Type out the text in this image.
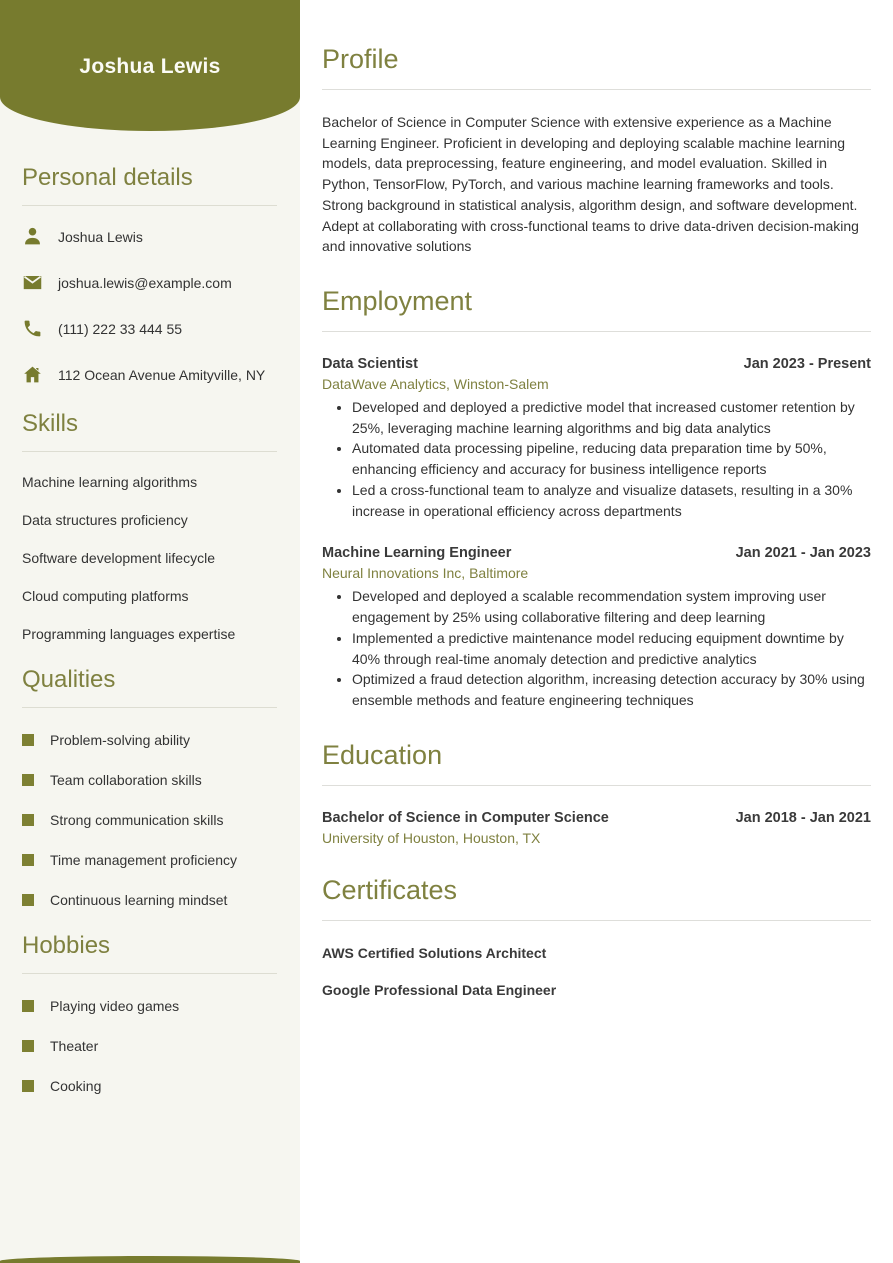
Joshua Lewis
Personal details
Joshua Lewis
joshua.lewis@example.com
(111) 222 33 444 55
112 Ocean Avenue Amityville, NY
Skills
Machine learning algorithms
Data structures proficiency
Software development lifecycle
Cloud computing platforms
Programming languages expertise
Qualities
Problem-solving ability
Team collaboration skills
Strong communication skills
Time management proficiency
Continuous learning mindset
Hobbies
Playing video games
Theater
Cooking
Profile

Bachelor of Science in Computer Science with extensive experience as a Machine Learning Engineer. Proficient in developing and deploying scalable machine learning models, data preprocessing, feature engineering, and model evaluation. Skilled in Python, TensorFlow, PyTorch, and various machine learning frameworks and tools. Strong background in statistical analysis, algorithm design, and software development. Adept at collaborating with cross-functional teams to drive data-driven decision-making and innovative solutions

Employment
Data Scientist	Jan 2023 - Present
DataWave Analytics, Winston-Salem
• Developed and deployed a predictive model that increased customer retention by 25%, leveraging machine learning algorithms and big data analytics
• Automated data processing pipeline, reducing data preparation time by 50%, enhancing efficiency and accuracy for business intelligence reports
• Led a cross-functional team to analyze and visualize datasets, resulting in a 30% increase in operational efficiency across departments
Machine Learning Engineer	Jan 2021 - Jan 2023
Neural Innovations Inc, Baltimore
• Developed and deployed a scalable recommendation system improving user engagement by 25% using collaborative filtering and deep learning
• Implemented a predictive maintenance model reducing equipment downtime by 40% through real-time anomaly detection and predictive analytics
• Optimized a fraud detection algorithm, increasing detection accuracy by 30% using ensemble methods and feature engineering techniques
Education
Bachelor of Science in Computer Science	Jan 2018 - Jan 2021
University of Houston, Houston, TX
Certificates
AWS Certified Solutions Architect
Google Professional Data Engineer
